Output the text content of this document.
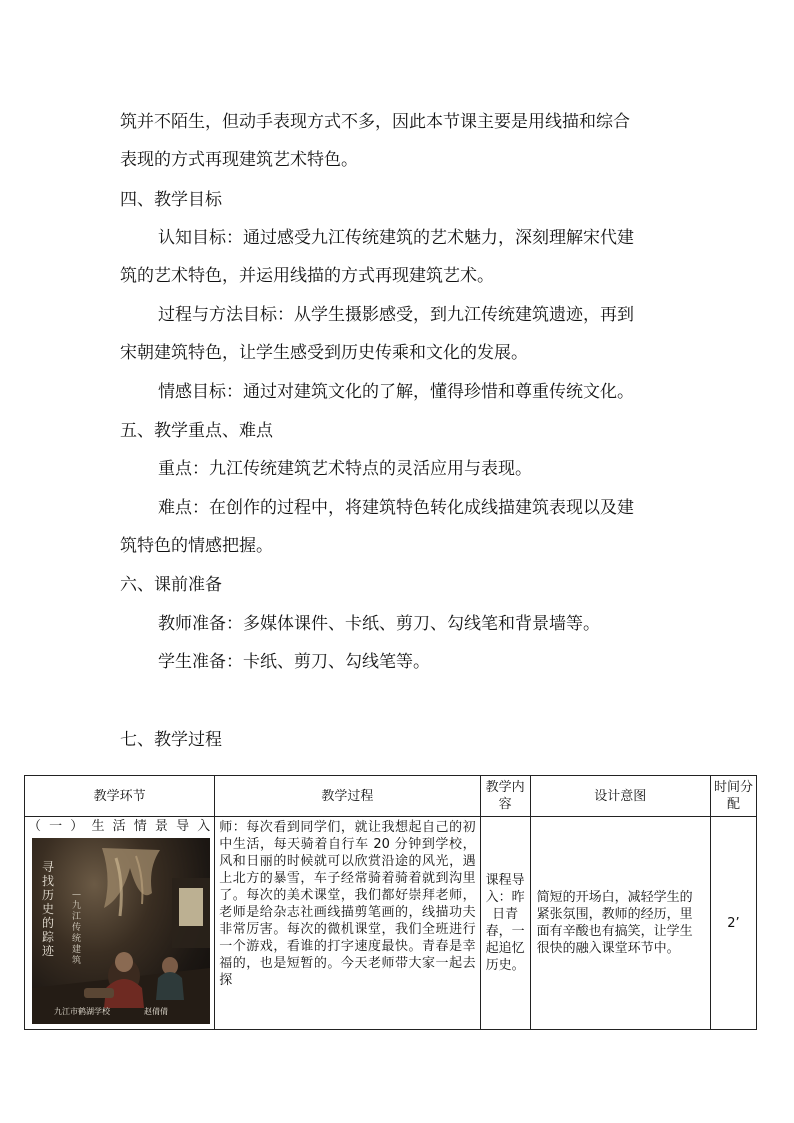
筑并不陌生，但动手表现方式不多，因此本节课主要是用线描和综合

表现的方式再现建筑艺术特色。

四、教学目标

认知目标：通过感受九江传统建筑的艺术魅力，深刻理解宋代建

筑的艺术特色，并运用线描的方式再现建筑艺术。

过程与方法目标：从学生摄影感受，到九江传统建筑遗迹，再到

宋朝建筑特色，让学生感受到历史传乘和文化的发展。

情感目标：通过对建筑文化的了解，懂得珍惜和尊重传统文化。

五、教学重点、难点

重点：九江传统建筑艺术特点的灵活应用与表现。

难点：在创作的过程中，将建筑特色转化成线描建筑表现以及建

筑特色的情感把握。

六、课前准备

教师准备：多媒体课件、卡纸、剪刀、勾线笔和背景墙等。

学生准备：卡纸、剪刀、勾线笔等。

七、教学过程

教学环节	教学过程	教学内容	设计意图	时间分配

（一）生活情景导入
寻找历史的踪迹
—九江传统建筑
九江市鹤湖学校 赵倩倩	师：每次看到同学们，就让我想起自己的初中生活，每天骑着自行车 20 分钟到学校，风和日丽的时候就可以欣赏沿途的风光，遇上北方的暴雪，车子经常骑着骑着就到沟里了。每次的美术课堂，我们都好崇拜老师，老师是给杂志社画线描剪笔画的，线描功夫非常厉害。每次的微机课堂，我们全班进行一个游戏，看谁的打字速度最快。青春是幸福的，也是短暂的。今天老师带大家一起去探	课程导入：昨日青春，一起追忆历史。	简短的开场白，减轻学生的紧张氛围，教师的经历，里面有辛酸也有搞笑，让学生很快的融入课堂环节中。	2’
